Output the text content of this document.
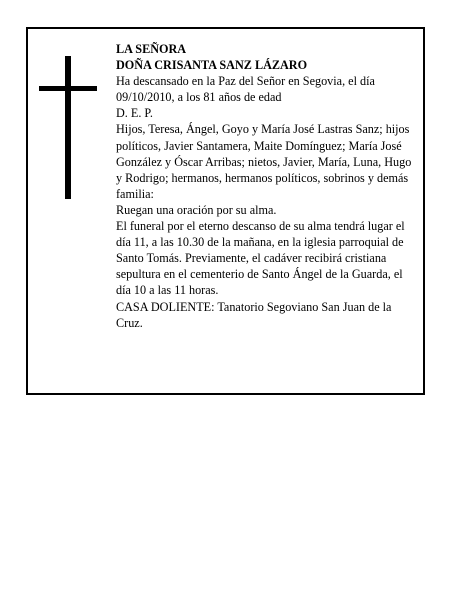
LA SEÑORA

DOÑA CRISANTA SANZ LÁZARO

Ha descansado en la Paz del Señor en Segovia, el día 09/10/2010, a los 81 años de edad

D. E. P.

Hijos, Teresa, Ángel, Goyo y María José Lastras Sanz; hijos políticos, Javier Santamera, Maite Domínguez; María José González y Óscar Arribas; nietos, Javier, María, Luna, Hugo y Rodrigo; hermanos, hermanos políticos, sobrinos y demás familia:

Ruegan una oración por su alma.

El funeral por el eterno descanso de su alma tendrá lugar el día 11, a las 10.30 de la mañana, en la iglesia parroquial de Santo Tomás. Previamente, el cadáver recibirá cristiana sepultura en el cementerio de Santo Ángel de la Guarda, el día 10 a las 11 horas.

CASA DOLIENTE: Tanatorio Segoviano San Juan de la Cruz.
